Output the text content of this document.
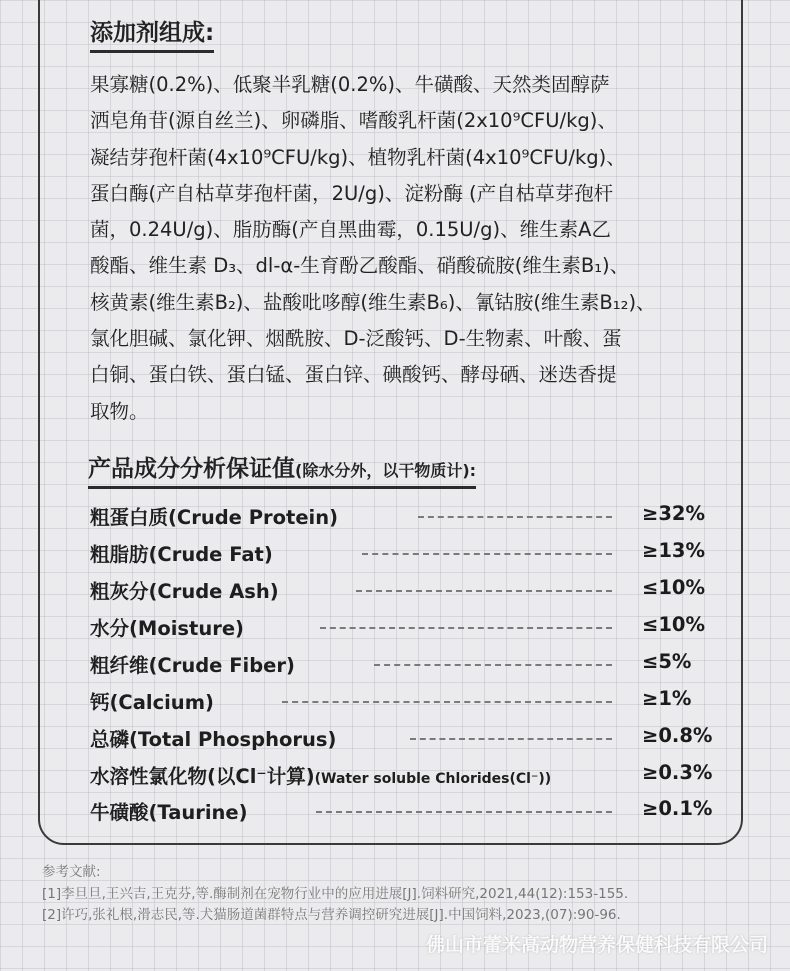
添加剂组成:

果寡糖(0.2%)、低聚半乳糖(0.2%)、牛磺酸、天然类固醇萨

洒皂角苷(源自丝兰)、卵磷脂、嗜酸乳杆菌(2x10⁹CFU/kg)、

凝结芽孢杆菌(4x10⁹CFU/kg)、植物乳杆菌(4x10⁹CFU/kg)、

蛋白酶(产自枯草芽孢杆菌，2U/g)、淀粉酶 (产自枯草芽孢杆

菌，0.24U/g)、脂肪酶(产自黑曲霉，0.15U/g)、维生素A乙

酸酯、维生素 D₃、dl-α-生育酚乙酸酯、硝酸硫胺(维生素B₁)、

核黄素(维生素B₂)、盐酸吡哆醇(维生素B₆)、氰钴胺(维生素B₁₂)、

氯化胆碱、氯化钾、烟酰胺、D-泛酸钙、D-生物素、叶酸、蛋

白铜、蛋白铁、蛋白锰、蛋白锌、碘酸钙、酵母硒、迷迭香提

取物。

产品成分分析保证值(除水分外，以干物质计):
粗蛋白质(Crude Protein)	≥32%
粗脂肪(Crude Fat)	≥13%
粗灰分(Crude Ash)	≤10%
水分(Moisture)	≤10%
粗纤维(Crude Fiber)	≤5%
钙(Calcium)	≥1%
总磷(Total Phosphorus)	≥0.8%
水溶性氯化物(以Cl⁻计算)(Water soluble Chlorides(Cl⁻))	≥0.3%
牛磺酸(Taurine)	≥0.1%

参考文献:

[1]李旦旦,王兴吉,王克芬,等.酶制剂在宠物行业中的应用进展[J].饲料研究,2021,44(12):153-155.

[2]许巧,张礼根,滑志民,等.犬猫肠道菌群特点与营养调控研究进展[J].中国饲料,2023,(07):90-96.

佛山市蕾米高动物营养保健科技有限公司
